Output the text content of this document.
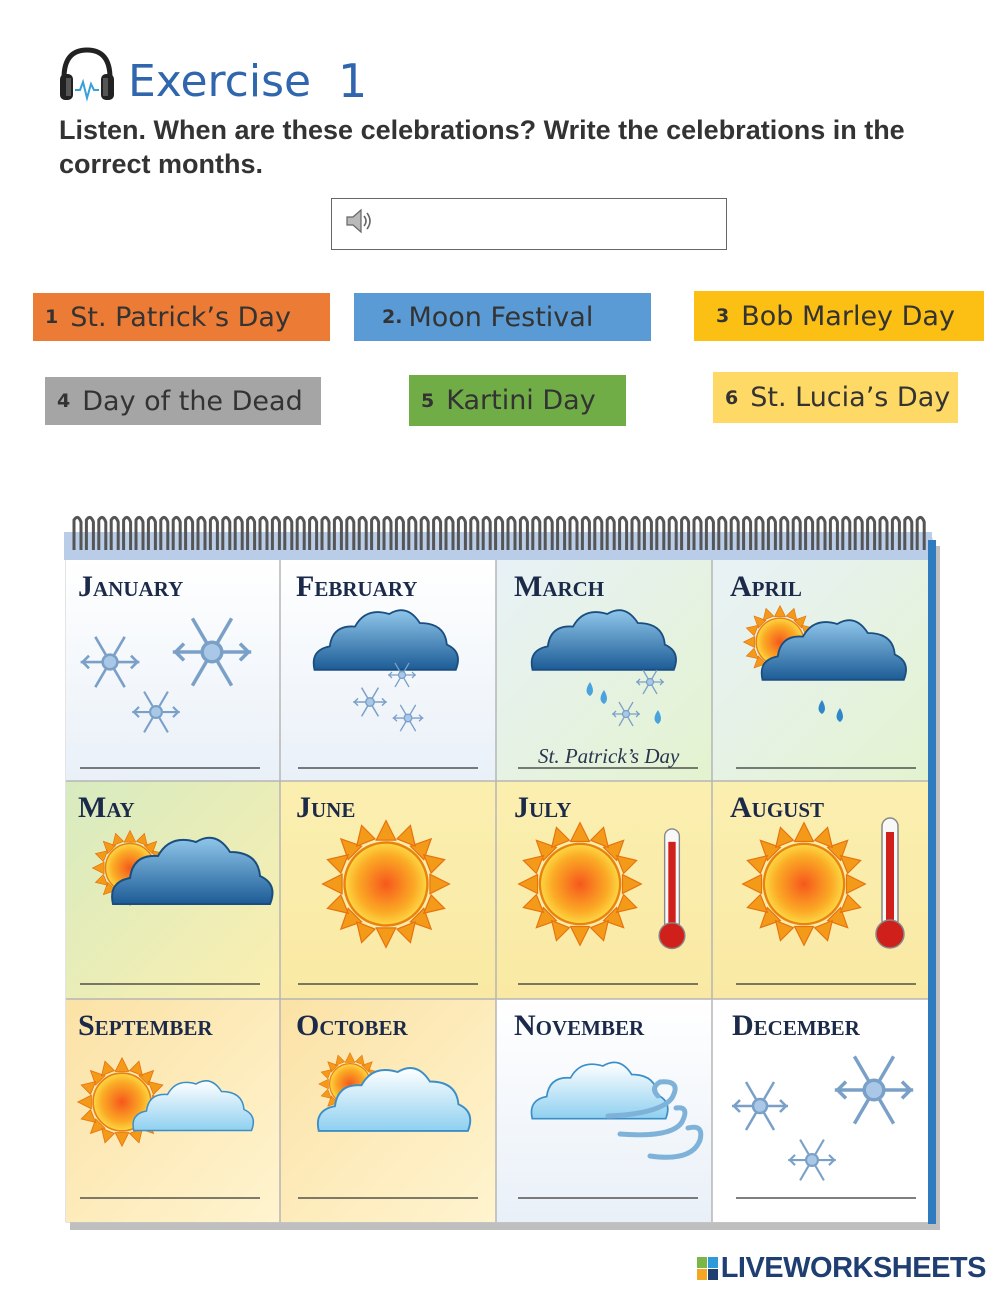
Exercise 1
Listen. When are these celebrations? Write the celebrations in the correct months.
1 St. Patrick’s Day	2. Moon Festival	3 Bob Marley Day
4 Day of the Dead	5 Kartini Day	6 St. Lucia’s Day
January	February	March	April
May	June	July	August
September	October	November	December
St. Patrick’s Day
LIVEWORKSHEETS
